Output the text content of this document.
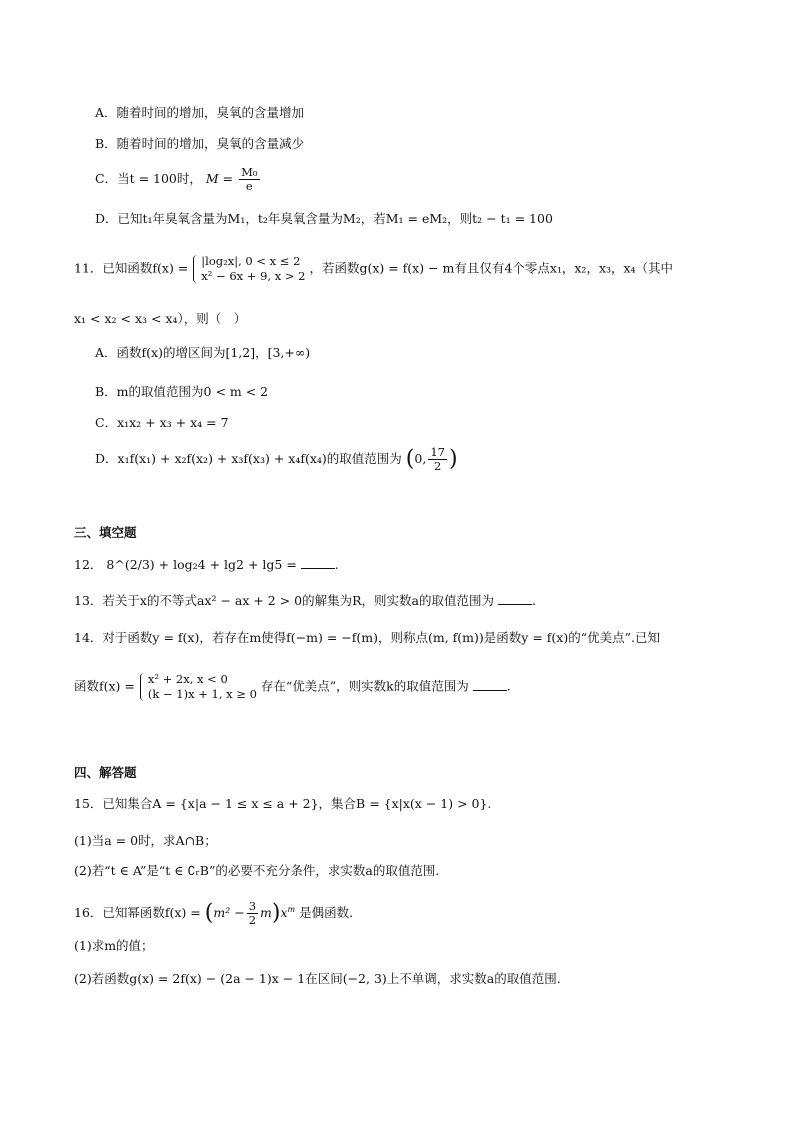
A．随着时间的增加，臭氧的含量增加
B．随着时间的增加，臭氧的含量减少
C．当t = 100时， $M = \frac{\text{M₀}}{e}$
D．已知t₁年臭氧含量为M₁，t₂年臭氧含量为M₂，若M₁ = eM₂，则t₂ − t₁ = 100
11．已知函数f(x) = |log₂x|, 0 < x ≤ 2
x² − 6x + 9, x > 2
，若函数g(x) = f(x) − m有且仅有4个零点x₁，x₂，x₃，x₄（其中
x₁ < x₂ < x₃ < x₄），则（　）
A．函数f(x)的增区间为[1,2]，[3,+∞)
B．m的取值范围为0 < m < 2
C．x₁x₂ + x₃ + x₄ = 7
D．x₁f(x₁) + x₂f(x₂) + x₃f(x₃) + x₄f(x₄)的取值范围为 (0, $\frac{17}{2}$ )
三、填空题
12． 8^(2/3) + log₂4 + lg2 + lg5 =	.
13．若关于x的不等式ax² − ax + 2 > 0的解集为R，则实数a的取值范围为	.
14．对于函数y = f(x)，若存在m使得f(−m) = −f(m)，则称点(m, f(m))是函数y = f(x)的“优美点”.已知
函数f(x) = x² + 2x, x < 0
(k − 1)x + 1, x ≥ 0
存在“优美点”，则实数k的取值范围为	.
四、解答题
15．已知集合A = {x|a − 1 ≤ x ≤ a + 2}，集合B = {x|x(x − 1) > 0}.
(1)当a = 0时，求A∩B；
(2)若“t ∈ A”是“t ∈ ∁ᵣB”的必要不充分条件，求实数a的取值范围.
16．已知幂函数$f(x) = (m^2 - \frac{3}{2} m)x^m$ 是偶函数.
(1)求m的值；
(2)若函数g(x) = 2f(x) − (2a − 1)x − 1在区间(−2, 3)上不单调，求实数a的取值范围.
